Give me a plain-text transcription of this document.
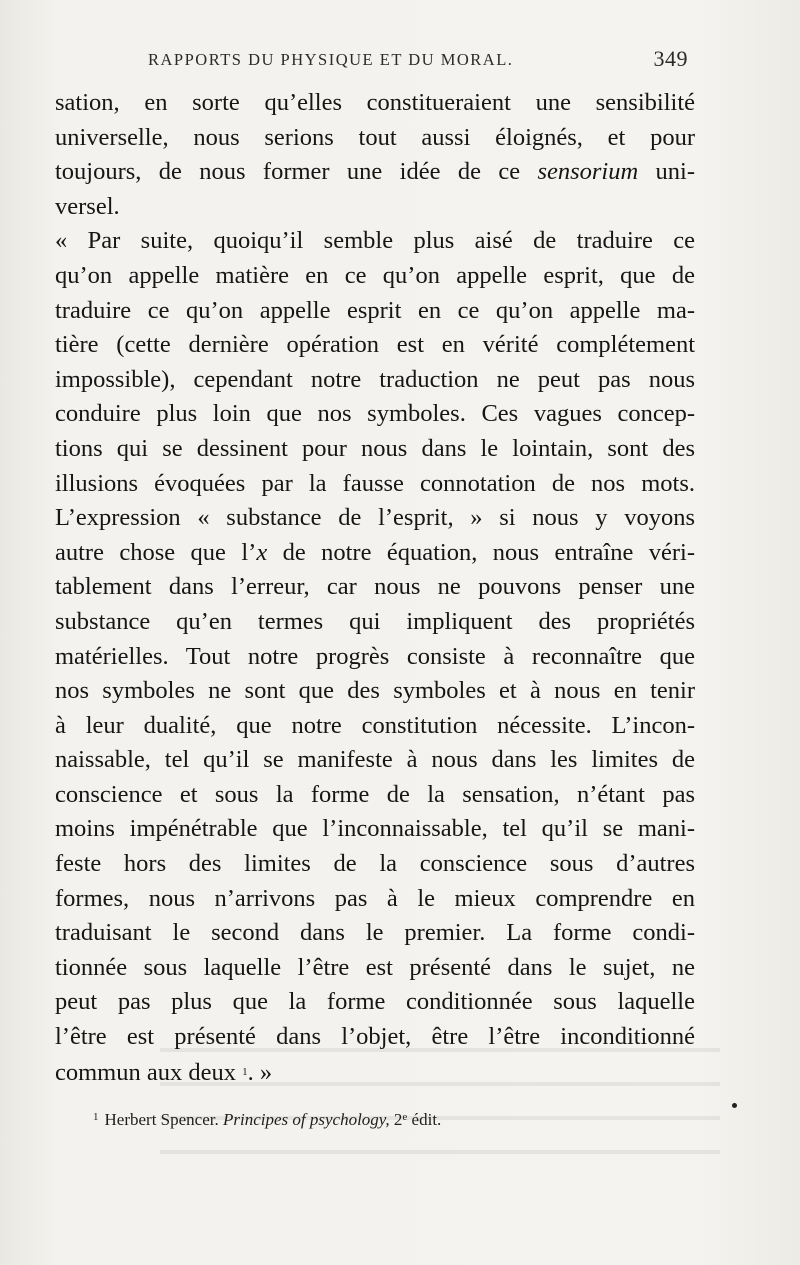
RAPPORTS DU PHYSIQUE ET DU MORAL.	349
sation, en sorte qu’elles constitueraient une sensibilité
universelle, nous serions tout aussi éloignés, et pour
toujours, de nous former une idée de ce sensorium uni-
versel.
« Par suite, quoiqu’il semble plus aisé de traduire ce
qu’on appelle matière en ce qu’on appelle esprit, que de
traduire ce qu’on appelle esprit en ce qu’on appelle ma-
tière (cette dernière opération est en vérité complétement
impossible), cependant notre traduction ne peut pas nous
conduire plus loin que nos symboles. Ces vagues concep-
tions qui se dessinent pour nous dans le lointain, sont des
illusions évoquées par la fausse connotation de nos mots.
L’expression « substance de l’esprit, » si nous y voyons
autre chose que l’x de notre équation, nous entraîne véri-
tablement dans l’erreur, car nous ne pouvons penser une
substance qu’en termes qui impliquent des propriétés
matérielles. Tout notre progrès consiste à reconnaître que
nos symboles ne sont que des symboles et à nous en tenir
à leur dualité, que notre constitution nécessite. L’incon-
naissable, tel qu’il se manifeste à nous dans les limites de
conscience et sous la forme de la sensation, n’étant pas
moins impénétrable que l’inconnaissable, tel qu’il se mani-
feste hors des limites de la conscience sous d’autres
formes, nous n’arrivons pas à le mieux comprendre en
traduisant le second dans le premier. La forme condi-
tionnée sous laquelle l’être est présenté dans le sujet, ne
peut pas plus que la forme conditionnée sous laquelle
l’être est présenté dans l’objet, être l’être inconditionné
commun aux deux $^1$. »
$^1$ Herbert Spencer. Principes of psychology, 2e édit.
